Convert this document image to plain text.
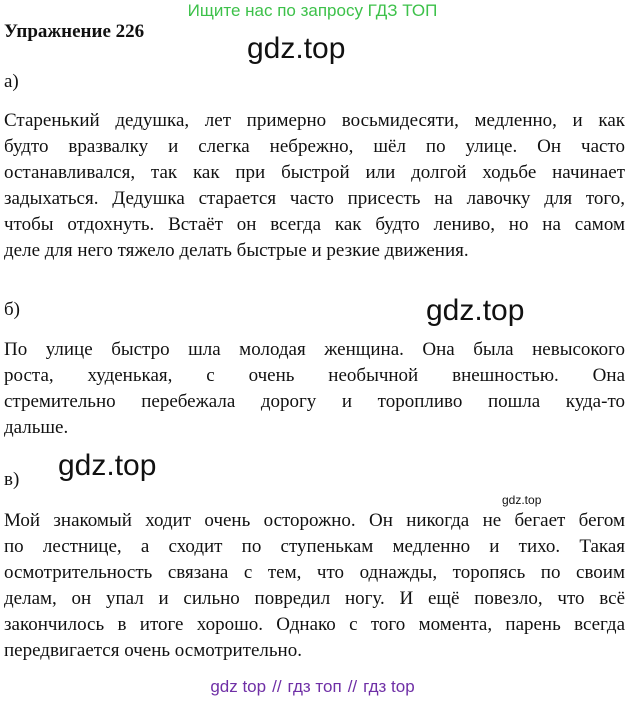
Ищите нас по запросу ГДЗ ТОП
Упражнение 226
gdz.top
а)
Старенький дедушка, лет примерно восьмидесяти, медленно, и как
будто вразвалку и слегка небрежно, шёл по улице. Он часто
останавливался, так как при быстрой или долгой ходьбе начинает
задыхаться. Дедушка старается часто присесть на лавочку для того,
чтобы отдохнуть. Встаёт он всегда как будто лениво, но на самом
деле для него тяжело делать быстрые и резкие движения.
б)	gdz.top
По улице быстро шла молодая женщина. Она была невысокого
роста, худенькая, с очень необычной внешностью. Она
стремительно перебежала дорогу и торопливо пошла куда-то
дальше.
gdz.top
в)
gdz.top
Мой знакомый ходит очень осторожно. Он никогда не бегает бегом
по лестнице, а сходит по ступенькам медленно и тихо. Такая
осмотрительность связана с тем, что однажды, торопясь по своим
делам, он упал и сильно повредил ногу. И ещё повезло, что всё
закончилось в итоге хорошо. Однако с того момента, парень всегда
передвигается очень осмотрительно.
gdz top // гдз топ // гдз top
